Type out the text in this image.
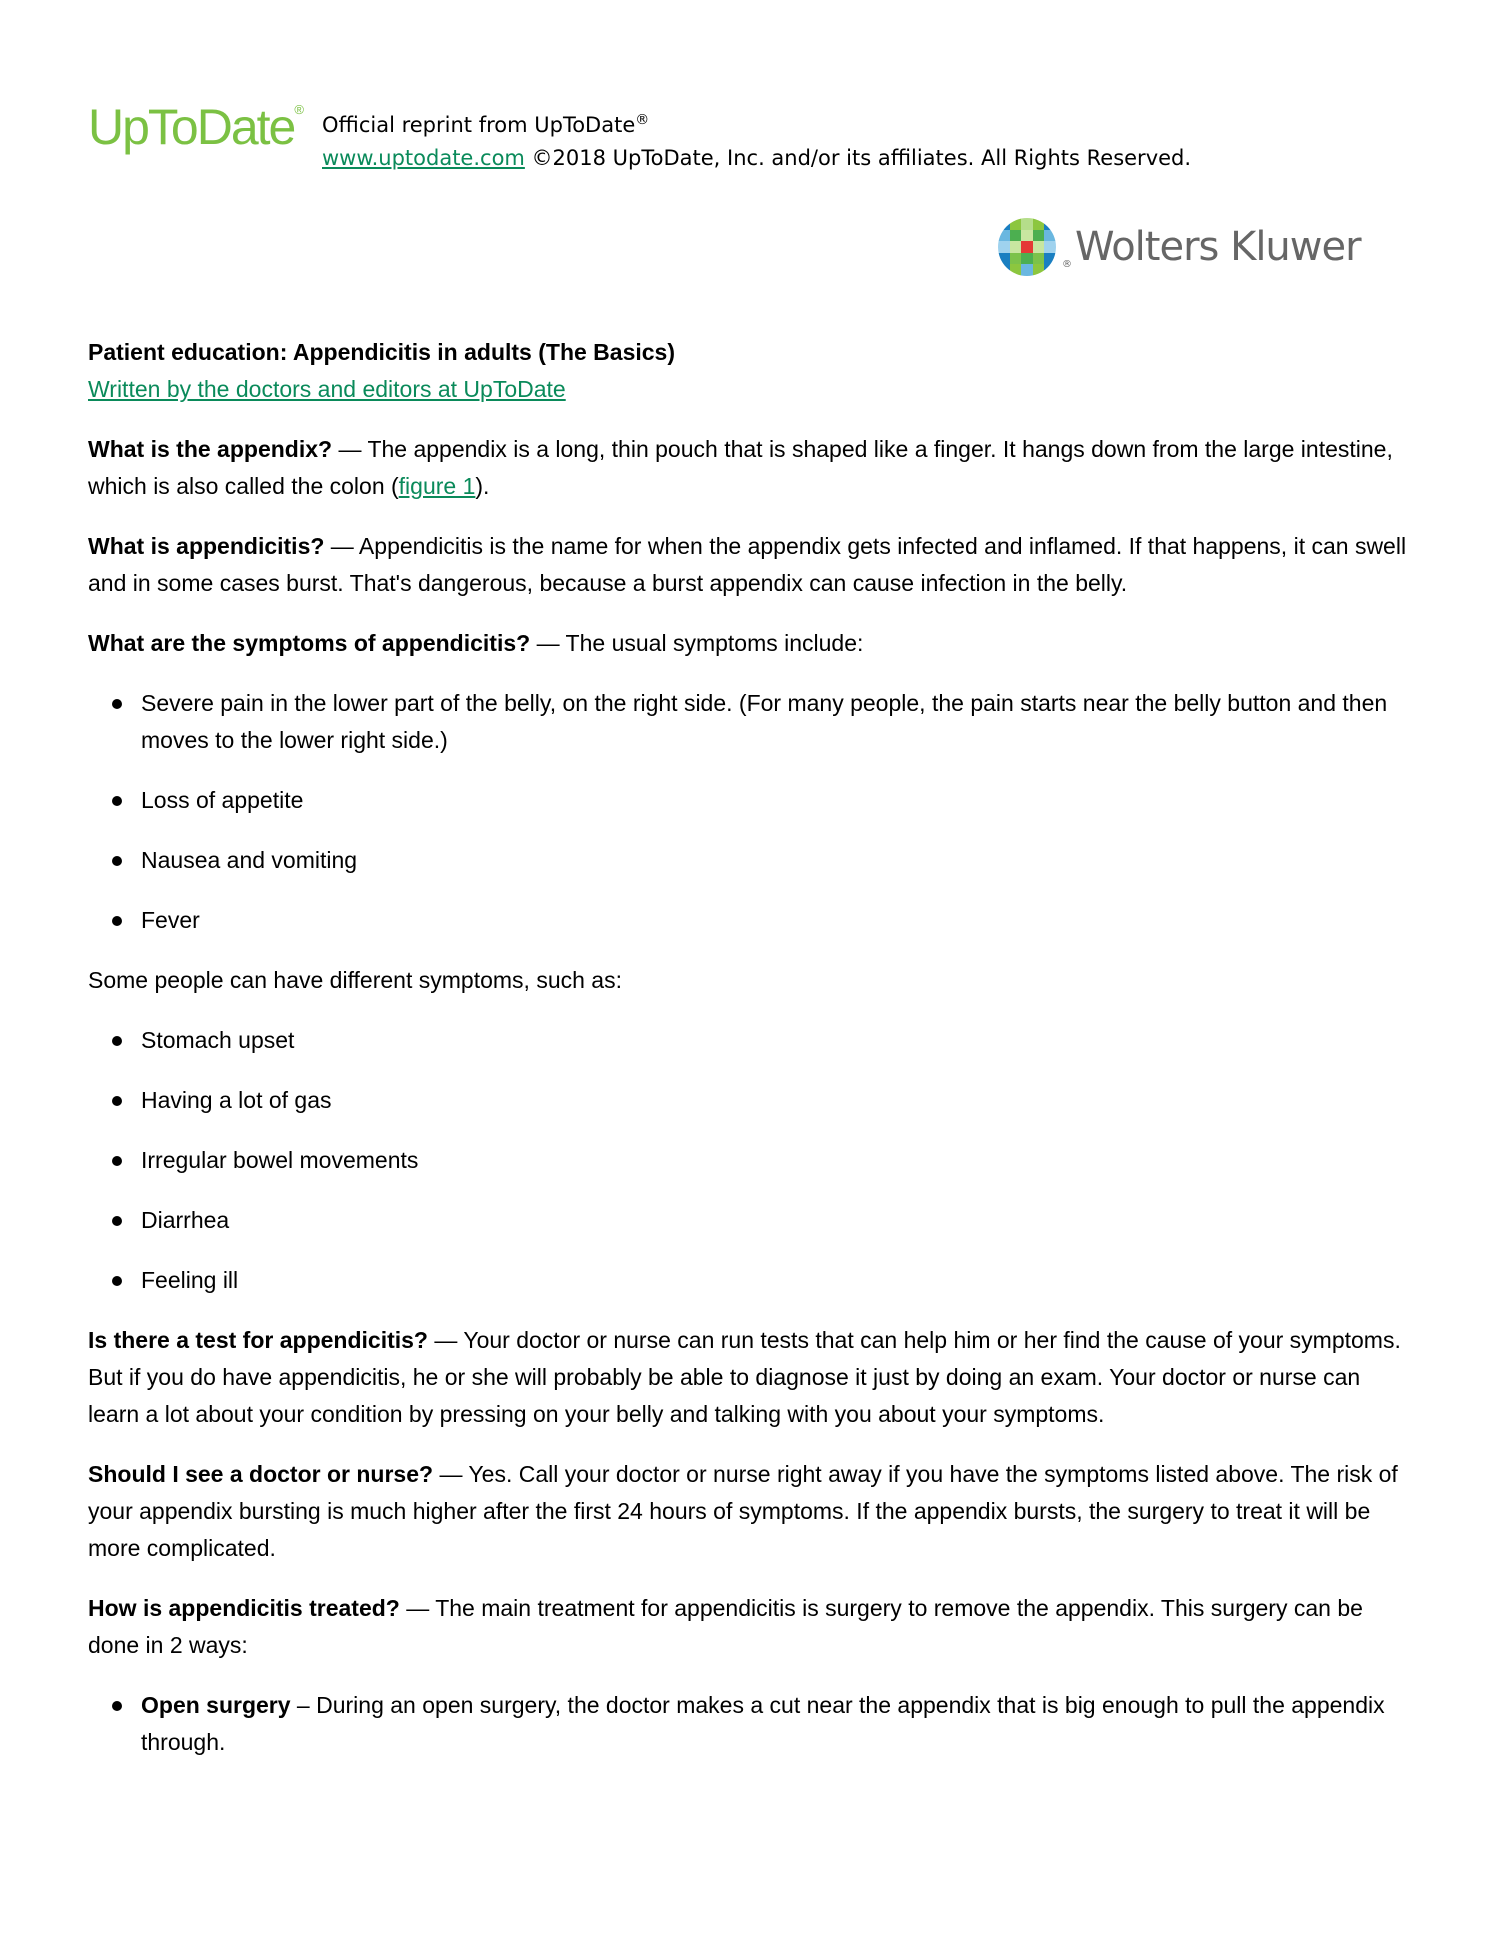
UpToDate®
Official reprint from UpToDate®
www.uptodate.com ©2018 UpToDate, Inc. and/or its affiliates. All Rights Reserved.
® Wolters Kluwer

Patient education: Appendicitis in adults (The Basics)

Written by the doctors and editors at UpToDate

What is the appendix? — The appendix is a long, thin pouch that is shaped like a finger. It hangs down from the large intestine, which is also called the colon (figure 1).

What is appendicitis? — Appendicitis is the name for when the appendix gets infected and inflamed. If that happens, it can swell and in some cases burst. That's dangerous, because a burst appendix can cause infection in the belly.

What are the symptoms of appendicitis? — The usual symptoms include:

Severe pain in the lower part of the belly, on the right side. (For many people, the pain starts near the belly button and then moves to the lower right side.)
Loss of appetite
Nausea and vomiting
Fever

Some people can have different symptoms, such as:

Stomach upset
Having a lot of gas
Irregular bowel movements
Diarrhea
Feeling ill

Is there a test for appendicitis? — Your doctor or nurse can run tests that can help him or her find the cause of your symptoms. But if you do have appendicitis, he or she will probably be able to diagnose it just by doing an exam. Your doctor or nurse can learn a lot about your condition by pressing on your belly and talking with you about your symptoms.

Should I see a doctor or nurse? — Yes. Call your doctor or nurse right away if you have the symptoms listed above. The risk of your appendix bursting is much higher after the first 24 hours of symptoms. If the appendix bursts, the surgery to treat it will be more complicated.

How is appendicitis treated? — The main treatment for appendicitis is surgery to remove the appendix. This surgery can be done in 2 ways:

Open surgery – During an open surgery, the doctor makes a cut near the appendix that is big enough to pull the appendix through.
